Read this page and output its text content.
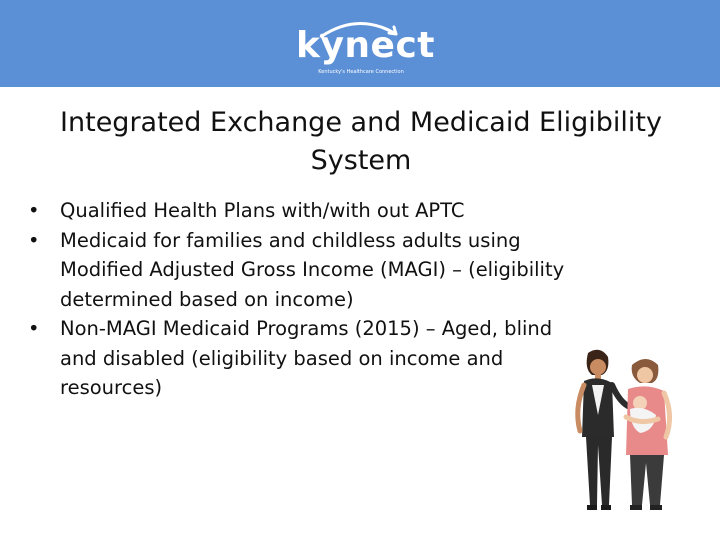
kynect
Kentucky's Healthcare Connection
Integrated Exchange and Medicaid Eligibility System
• Qualified Health Plans with/with out APTC
• Medicaid for families and childless adults using Modified Adjusted Gross Income (MAGI) – (eligibility determined based on income)
• Non-MAGI Medicaid Programs (2015) – Aged, blind and disabled (eligibility based on income and resources)
